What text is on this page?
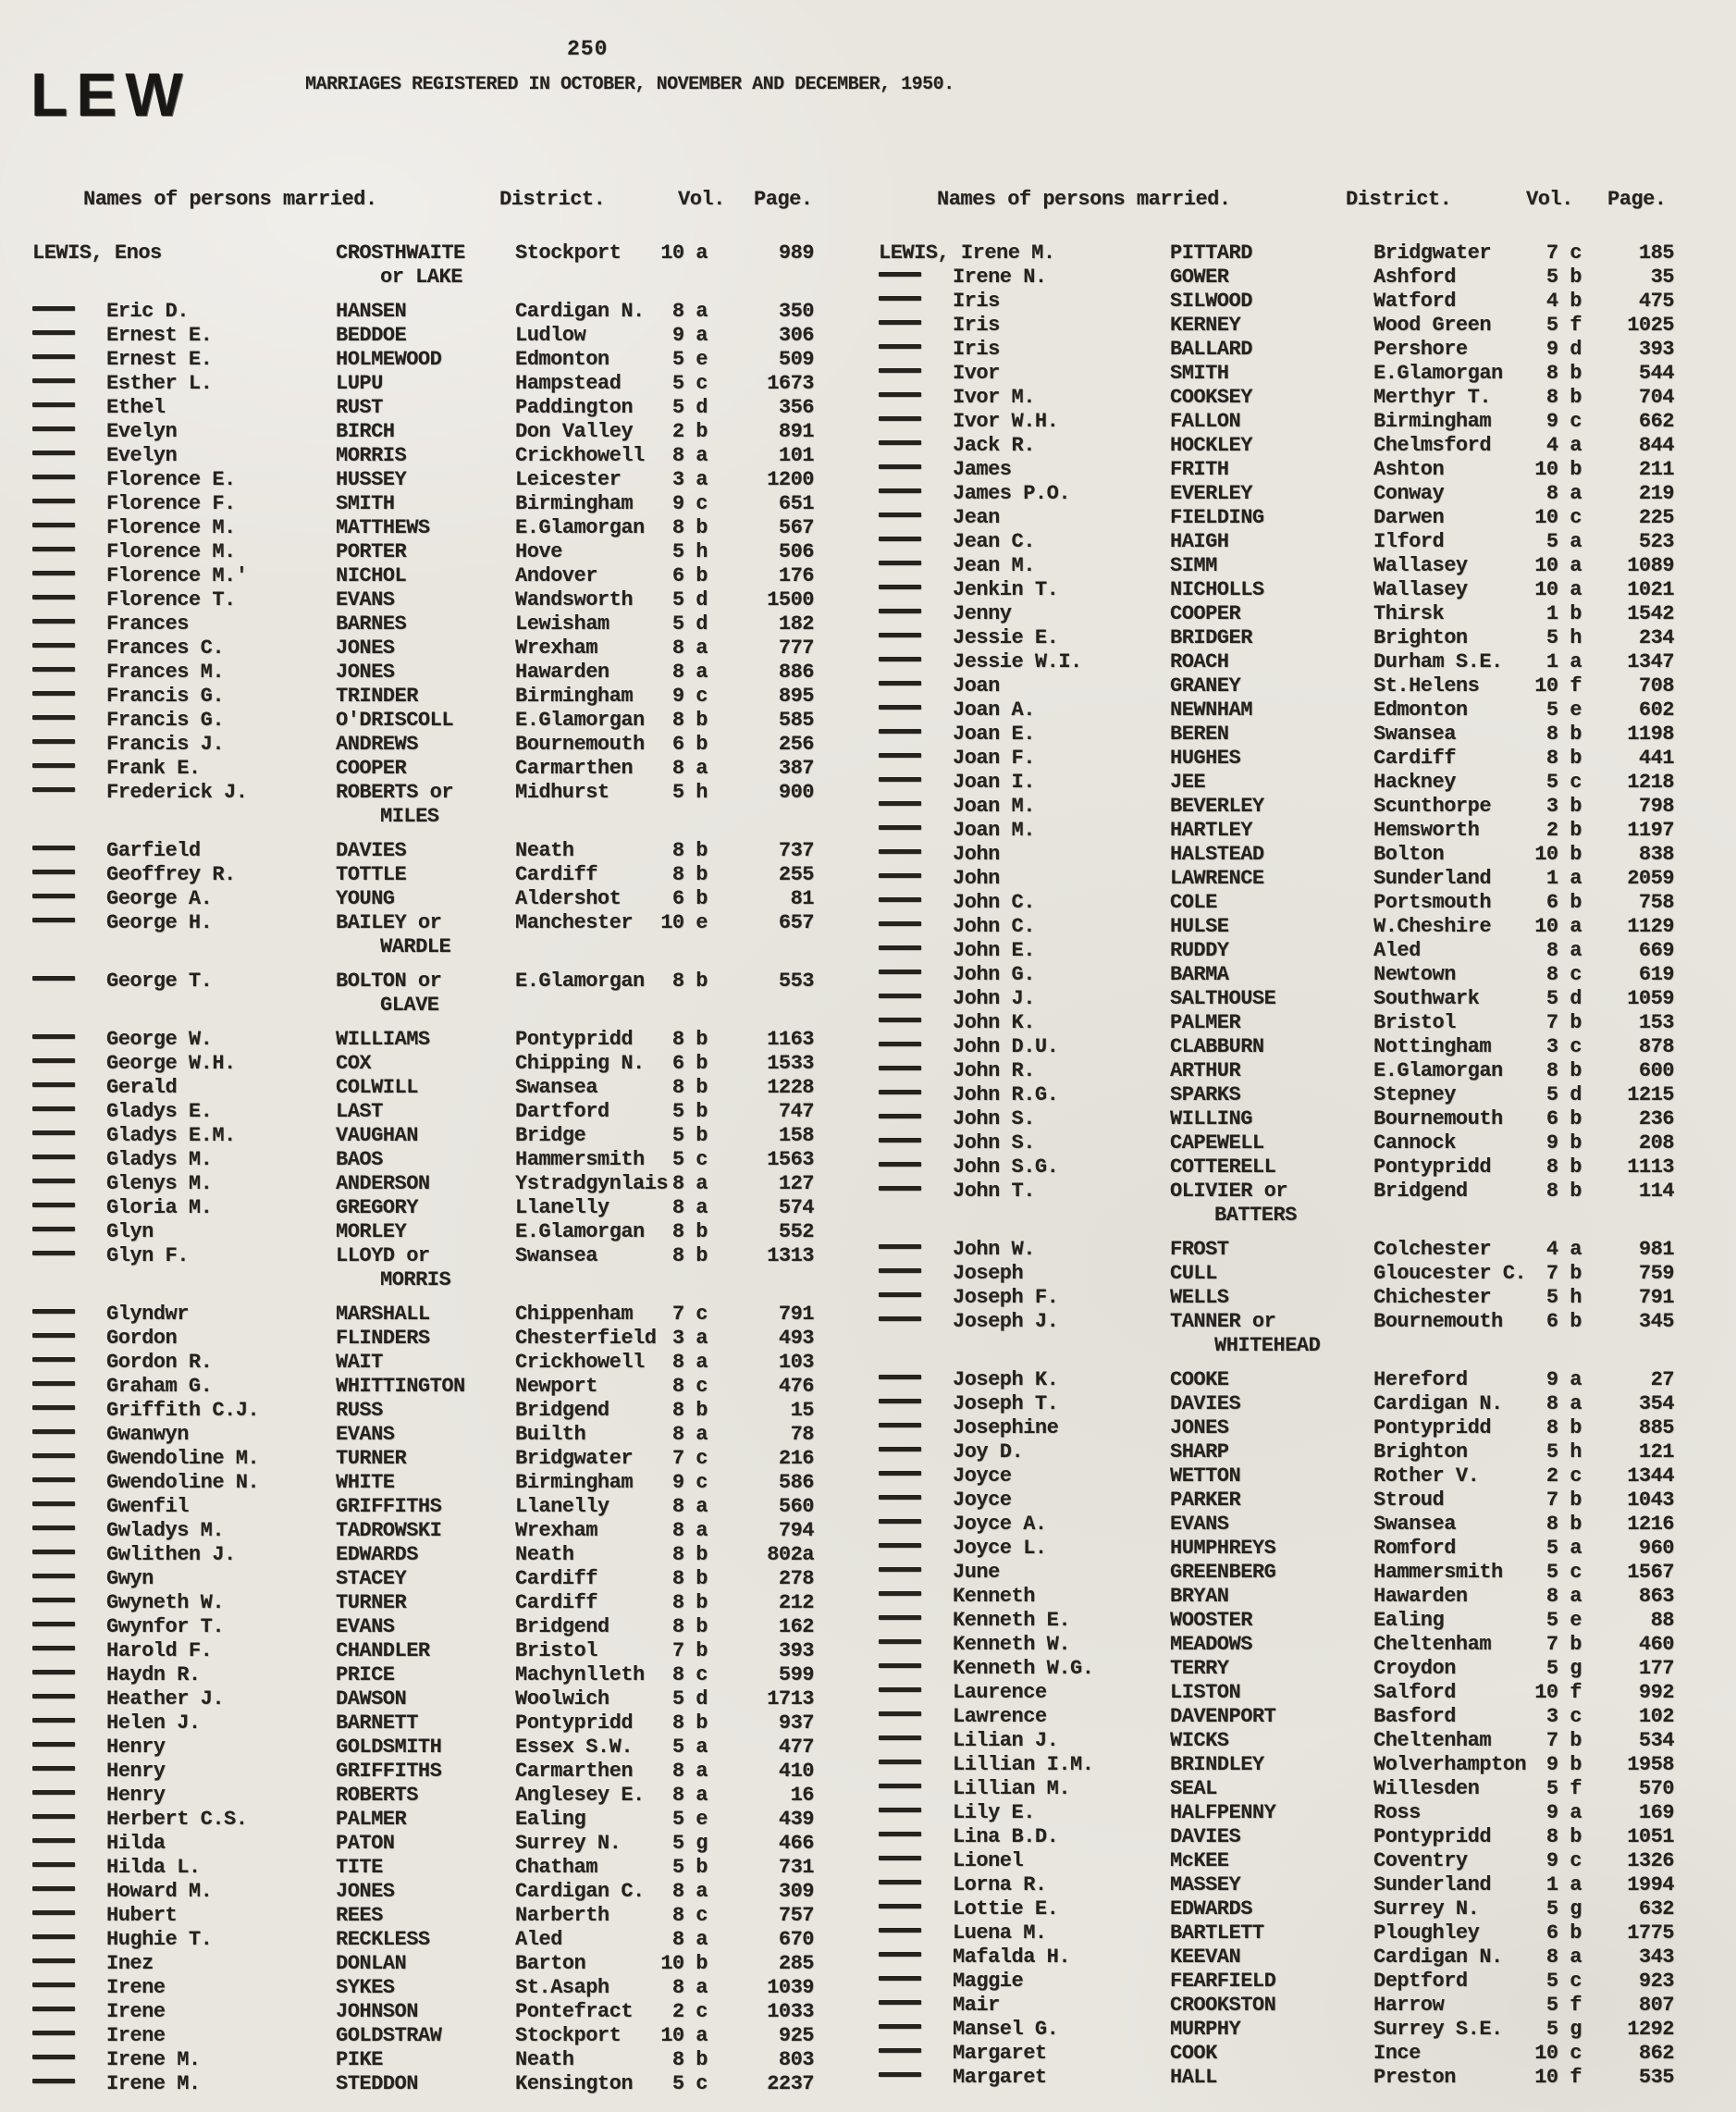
250
LEW	MARRIAGES REGISTERED IN OCTOBER, NOVEMBER AND DECEMBER, 1950.
Names of persons married.	District.	Vol. Page.	Names of persons married.	District.	Vol. Page.
LEWIS, Enos	CROSTHWAITE	Stockport	10 a	989
or LAKE
Eric D.	HANSEN	Cardigan N.	8 a	350
Ernest E.	BEDDOE	Ludlow	9 a	306
Ernest E.	HOLMEWOOD	Edmonton	5 e	509
Esther L.	LUPU	Hampstead	5 c	1673
Ethel	RUST	Paddington	5 d	356
Evelyn	BIRCH	Don Valley	2 b	891
Evelyn	MORRIS	Crickhowell	8 a	101
Florence E.	HUSSEY	Leicester	3 a	1200
Florence F.	SMITH	Birmingham	9 c	651
Florence M.	MATTHEWS	E.Glamorgan	8 b	567
Florence M.	PORTER	Hove	5 h	506
Florence M.'	NICHOL	Andover	6 b	176
Florence T.	EVANS	Wandsworth	5 d	1500
Frances	BARNES	Lewisham	5 d	182
Frances C.	JONES	Wrexham	8 a	777
Frances M.	JONES	Hawarden	8 a	886
Francis G.	TRINDER	Birmingham	9 c	895
Francis G.	O'DRISCOLL	E.Glamorgan	8 b	585
Francis J.	ANDREWS	Bournemouth	6 b	256
Frank E.	COOPER	Carmarthen	8 a	387
Frederick J.	ROBERTS or	Midhurst	5 h	900
MILES
Garfield	DAVIES	Neath	8 b	737
Geoffrey R.	TOTTLE	Cardiff	8 b	255
George A.	YOUNG	Aldershot	6 b	81
George H.	BAILEY or	Manchester	10 e	657
WARDLE
George T.	BOLTON or	E.Glamorgan	8 b	553
GLAVE
George W.	WILLIAMS	Pontypridd	8 b	1163
George W.H.	COX	Chipping N.	6 b	1533
Gerald	COLWILL	Swansea	8 b	1228
Gladys E.	LAST	Dartford	5 b	747
Gladys E.M.	VAUGHAN	Bridge	5 b	158
Gladys M.	BAOS	Hammersmith	5 c	1563
Glenys M.	ANDERSON	Ystradgynlais 8 a	127
Gloria M.	GREGORY	Llanelly	8 a	574
Glyn	MORLEY	E.Glamorgan	8 b	552
Glyn F.	LLOYD or	Swansea	8 b	1313
MORRIS
Glyndwr	MARSHALL	Chippenham	7 c	791
Gordon	FLINDERS	Chesterfield 3 a	493
Gordon R.	WAIT	Crickhowell	8 a	103
Graham G.	WHITTINGTON	Newport	8 c	476
Griffith C.J.	RUSS	Bridgend	8 b	15
Gwanwyn	EVANS	Builth	8 a	78
Gwendoline M.	TURNER	Bridgwater	7 c	216
Gwendoline N.	WHITE	Birmingham	9 c	586
Gwenfil	GRIFFITHS	Llanelly	8 a	560
Gwladys M.	TADROWSKI	Wrexham	8 a	794
Gwlithen J.	EDWARDS	Neath	8 b	802a
Gwyn	STACEY	Cardiff	8 b	278
Gwyneth W.	TURNER	Cardiff	8 b	212
Gwynfor T.	EVANS	Bridgend	8 b	162
Harold F.	CHANDLER	Bristol	7 b	393
Haydn R.	PRICE	Machynlleth	8 c	599
Heather J.	DAWSON	Woolwich	5 d	1713
Helen J.	BARNETT	Pontypridd	8 b	937
Henry	GOLDSMITH	Essex S.W.	5 a	477
Henry	GRIFFITHS	Carmarthen	8 a	410
Henry	ROBERTS	Anglesey E.	8 a	16
Herbert C.S.	PALMER	Ealing	5 e	439
Hilda	PATON	Surrey N.	5 g	466
Hilda L.	TITE	Chatham	5 b	731
Howard M.	JONES	Cardigan C.	8 a	309
Hubert	REES	Narberth	8 c	757
Hughie T.	RECKLESS	Aled	8 a	670
Inez	DONLAN	Barton	10 b	285
Irene	SYKES	St.Asaph	8 a	1039
Irene	JOHNSON	Pontefract	2 c	1033
Irene	GOLDSTRAW	Stockport	10 a	925
Irene M.	PIKE	Neath	8 b	803
Irene M.	STEDDON	Kensington	5 c	2237
LEWIS, Irene M.	PITTARD	Bridgwater	7 c	185
Irene N.	GOWER	Ashford	5 b	35
Iris	SILWOOD	Watford	4 b	475
Iris	KERNEY	Wood Green	5 f	1025
Iris	BALLARD	Pershore	9 d	393
Ivor	SMITH	E.Glamorgan	8 b	544
Ivor M.	COOKSEY	Merthyr T.	8 b	704
Ivor W.H.	FALLON	Birmingham	9 c	662
Jack R.	HOCKLEY	Chelmsford	4 a	844
James	FRITH	Ashton	10 b	211
James P.O.	EVERLEY	Conway	8 a	219
Jean	FIELDING	Darwen	10 c	225
Jean C.	HAIGH	Ilford	5 a	523
Jean M.	SIMM	Wallasey	10 a	1089
Jenkin T.	NICHOLLS	Wallasey	10 a	1021
Jenny	COOPER	Thirsk	1 b	1542
Jessie E.	BRIDGER	Brighton	5 h	234
Jessie W.I.	ROACH	Durham S.E.	1 a	1347
Joan	GRANEY	St.Helens	10 f	708
Joan A.	NEWNHAM	Edmonton	5 e	602
Joan E.	BEREN	Swansea	8 b	1198
Joan F.	HUGHES	Cardiff	8 b	441
Joan I.	JEE	Hackney	5 c	1218
Joan M.	BEVERLEY	Scunthorpe	3 b	798
Joan M.	HARTLEY	Hemsworth	2 b	1197
John	HALSTEAD	Bolton	10 b	838
John	LAWRENCE	Sunderland	1 a	2059
John C.	COLE	Portsmouth	6 b	758
John C.	HULSE	W.Cheshire	10 a	1129
John E.	RUDDY	Aled	8 a	669
John G.	BARMA	Newtown	8 c	619
John J.	SALTHOUSE	Southwark	5 d	1059
John K.	PALMER	Bristol	7 b	153
John D.U.	CLABBURN	Nottingham	3 c	878
John R.	ARTHUR	E.Glamorgan	8 b	600
John R.G.	SPARKS	Stepney	5 d	1215
John S.	WILLING	Bournemouth	6 b	236
John S.	CAPEWELL	Cannock	9 b	208
John S.G.	COTTERELL	Pontypridd	8 b	1113
John T.	OLIVIER or	Bridgend	8 b	114
BATTERS
John W.	FROST	Colchester	4 a	981
Joseph	CULL	Gloucester C. 7 b	759
Joseph F.	WELLS	Chichester	5 h	791
Joseph J.	TANNER or	Bournemouth	6 b	345
WHITEHEAD
Joseph K.	COOKE	Hereford	9 a	27
Joseph T.	DAVIES	Cardigan N.	8 a	354
Josephine	JONES	Pontypridd	8 b	885
Joy D.	SHARP	Brighton	5 h	121
Joyce	WETTON	Rother V.	2 c	1344
Joyce	PARKER	Stroud	7 b	1043
Joyce A.	EVANS	Swansea	8 b	1216
Joyce L.	HUMPHREYS	Romford	5 a	960
June	GREENBERG	Hammersmith	5 c	1567
Kenneth	BRYAN	Hawarden	8 a	863
Kenneth E.	WOOSTER	Ealing	5 e	88
Kenneth W.	MEADOWS	Cheltenham	7 b	460
Kenneth W.G.	TERRY	Croydon	5 g	177
Laurence	LISTON	Salford	10 f	992
Lawrence	DAVENPORT	Basford	3 c	102
Lilian J.	WICKS	Cheltenham	7 b	534
Lillian I.M.	BRINDLEY	Wolverhampton 9 b	1958
Lillian M.	SEAL	Willesden	5 f	570
Lily E.	HALFPENNY	Ross	9 a	169
Lina B.D.	DAVIES	Pontypridd	8 b	1051
Lionel	McKEE	Coventry	9 c	1326
Lorna R.	MASSEY	Sunderland	1 a	1994
Lottie E.	EDWARDS	Surrey N.	5 g	632
Luena M.	BARTLETT	Ploughley	6 b	1775
Mafalda H.	KEEVAN	Cardigan N.	8 a	343
Maggie	FEARFIELD	Deptford	5 c	923
Mair	CROOKSTON	Harrow	5 f	807
Mansel G.	MURPHY	Surrey S.E.	5 g	1292
Margaret	COOK	Ince	10 c	862
Margaret	HALL	Preston	10 f	535
